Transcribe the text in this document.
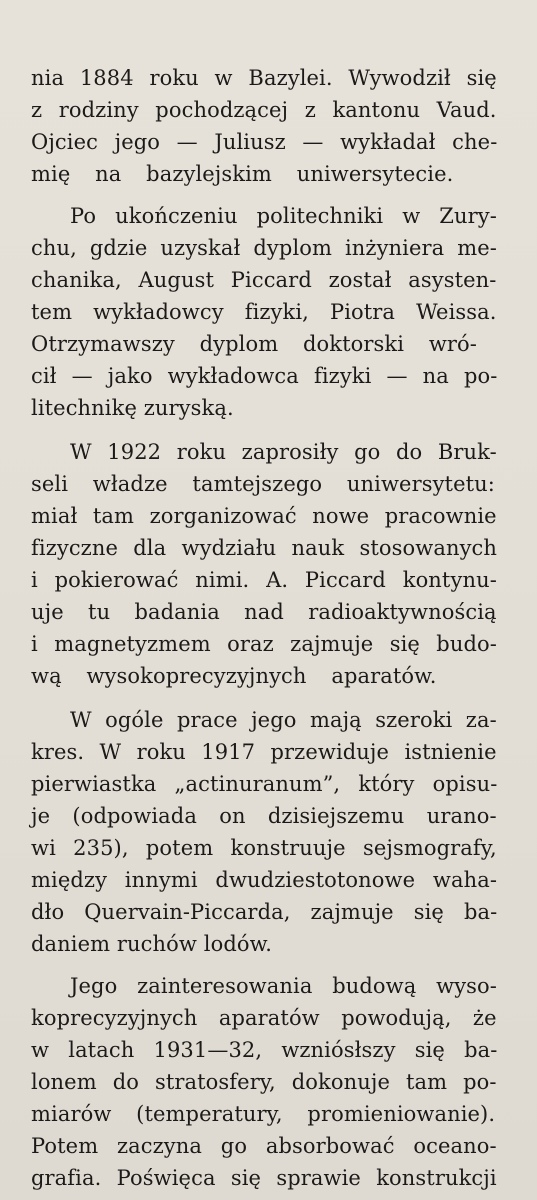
nia 1884 roku w Bazylei. Wywodził się
z rodziny pochodzącej z kantonu Vaud.
Ojciec jego — Juliusz — wykładał che-
mię na bazylejskim uniwersytecie.
Po ukończeniu politechniki w Zury-
chu, gdzie uzyskał dyplom inżyniera me-
chanika, August Piccard został asysten-
tem wykładowcy fizyki, Piotra Weissa.
Otrzymawszy dyplom doktorski wró-
cił — jako wykładowca fizyki — na po-
litechnikę zuryską.
W 1922 roku zaprosiły go do Bruk-
seli władze tamtejszego uniwersytetu:
miał tam zorganizować nowe pracownie
fizyczne dla wydziału nauk stosowanych
i pokierować nimi. A. Piccard kontynu-
uje tu badania nad radioaktywnością
i magnetyzmem oraz zajmuje się budo-
wą wysokoprecyzyjnych aparatów.
W ogóle prace jego mają szeroki za-
kres. W roku 1917 przewiduje istnienie
pierwiastka „actinuranum”, który opisu-
je (odpowiada on dzisiejszemu urano-
wi 235), potem konstruuje sejsmografy,
między innymi dwudziestotonowe waha-
dło Quervain-Piccarda, zajmuje się ba-
daniem ruchów lodów.
Jego zainteresowania budową wyso-
koprecyzyjnych aparatów powodują, że
w latach 1931—32, wzniósłszy się ba-
lonem do stratosfery, dokonuje tam po-
miarów (temperatury, promieniowanie).
Potem zaczyna go absorbować oceano-
grafia. Poświęca się sprawie konstrukcji
